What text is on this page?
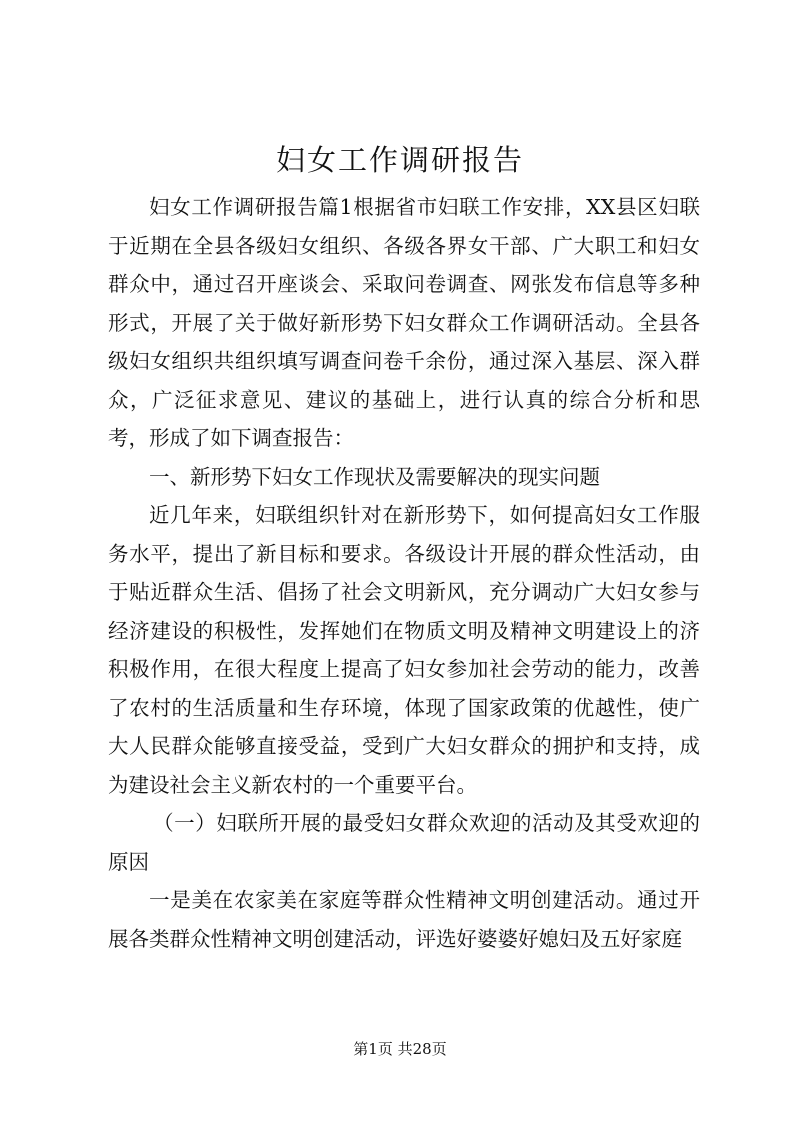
妇女工作调研报告

妇女工作调研报告篇1根据省市妇联工作安排，XX县区妇联于近期在全县各级妇女组织、各级各界女干部、广大职工和妇女群众中，通过召开座谈会、采取问卷调查、网张发布信息等多种形式，开展了关于做好新形势下妇女群众工作调研活动。全县各级妇女组织共组织填写调查问卷千余份，通过深入基层、深入群众，广泛征求意见、建议的基础上，进行认真的综合分析和思考，形成了如下调查报告：

一、新形势下妇女工作现状及需要解决的现实问题

近几年来，妇联组织针对在新形势下，如何提高妇女工作服务水平，提出了新目标和要求。各级设计开展的群众性活动，由于贴近群众生活、倡扬了社会文明新风，充分调动广大妇女参与经济建设的积极性，发挥她们在物质文明及精神文明建设上的济积极作用，在很大程度上提高了妇女参加社会劳动的能力，改善了农村的生活质量和生存环境，体现了国家政策的优越性，使广大人民群众能够直接受益，受到广大妇女群众的拥护和支持，成为建设社会主义新农村的一个重要平台。

（一）妇联所开展的最受妇女群众欢迎的活动及其受欢迎的原因

一是美在农家美在家庭等群众性精神文明创建活动。通过开展各类群众性精神文明创建活动，评选好婆婆好媳妇及五好家庭

第1页 共28页
